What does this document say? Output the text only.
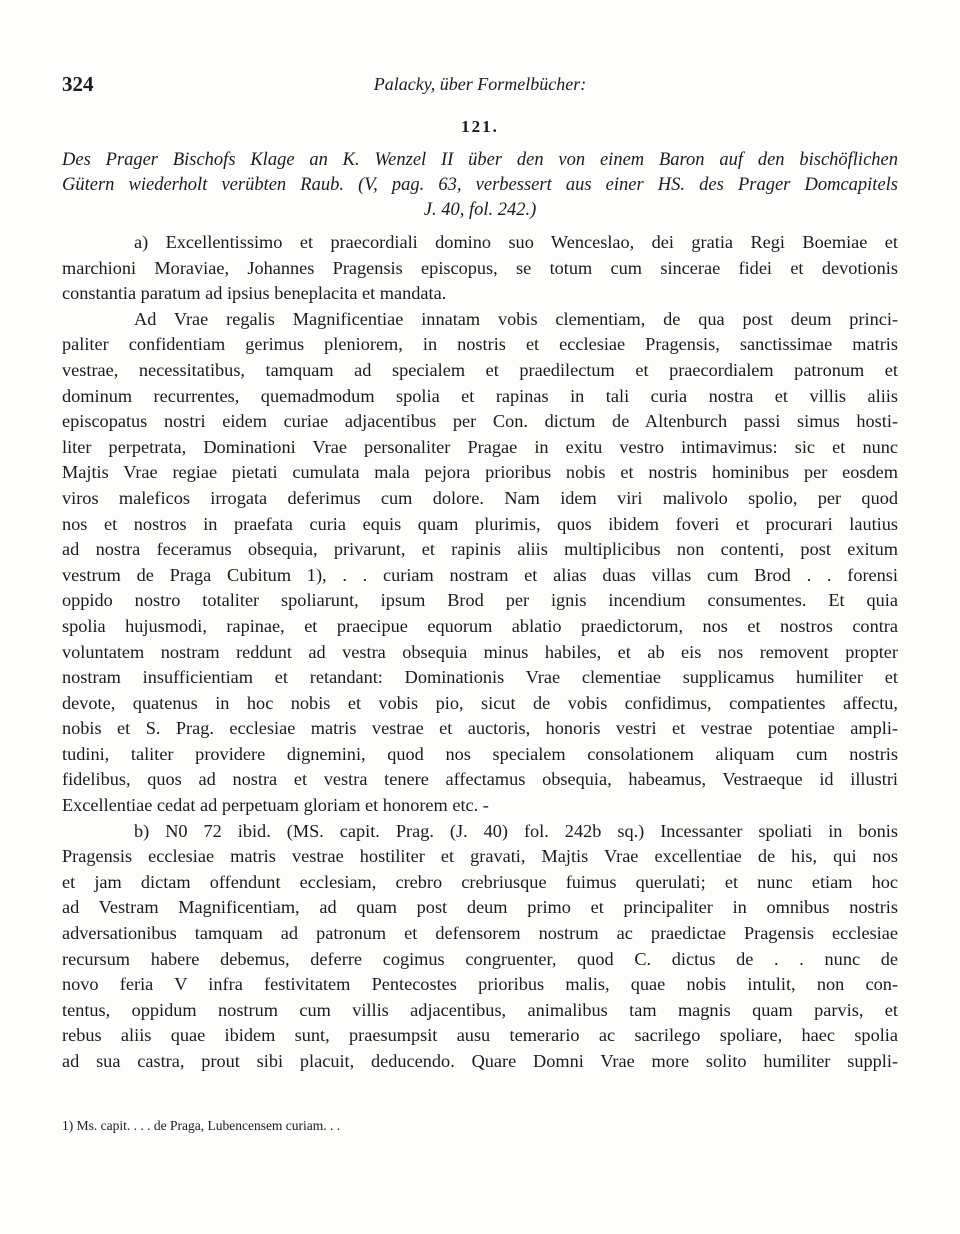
324	Palacky, über Formelbücher:
121.
Des Prager Bischofs Klage an K. Wenzel II über den von einem Baron auf den bischöflichen
Gütern wiederholt verübten Raub. (V, pag. 63, verbessert aus einer HS. des Prager Domcapitels
J. 40, fol. 242.)
a) Excellentissimo et praecordiali domino suo Wenceslao, dei gratia Regi Boemiae et
marchioni Moraviae, Johannes Pragensis episcopus, se totum cum sincerae fidei et devotionis
constantia paratum ad ipsius beneplacita et mandata.
Ad Vrae regalis Magnificentiae innatam vobis clementiam, de qua post deum princi-
paliter confidentiam gerimus pleniorem, in nostris et ecclesiae Pragensis, sanctissimae matris
vestrae, necessitatibus, tamquam ad specialem et praedilectum et praecordialem patronum et
dominum recurrentes, quemadmodum spolia et rapinas in tali curia nostra et villis aliis
episcopatus nostri eidem curiae adjacentibus per Con. dictum de Altenburch passi simus hosti-
liter perpetrata, Dominationi Vrae personaliter Pragae in exitu vestro intimavimus: sic et nunc
Majtis Vrae regiae pietati cumulata mala pejora prioribus nobis et nostris hominibus per eosdem
viros maleficos irrogata deferimus cum dolore. Nam idem viri malivolo spolio, per quod
nos et nostros in praefata curia equis quam plurimis, quos ibidem foveri et procurari lautius
ad nostra feceramus obsequia, privarunt, et rapinis aliis multiplicibus non contenti, post exitum
vestrum de Praga Cubitum 1), . . curiam nostram et alias duas villas cum Brod . . forensi
oppido nostro totaliter spoliarunt, ipsum Brod per ignis incendium consumentes. Et quia
spolia hujusmodi, rapinae, et praecipue equorum ablatio praedictorum, nos et nostros contra
voluntatem nostram reddunt ad vestra obsequia minus habiles, et ab eis nos removent propter
nostram insufficientiam et retandant: Dominationis Vrae clementiae supplicamus humiliter et
devote, quatenus in hoc nobis et vobis pio, sicut de vobis confidimus, compatientes affectu,
nobis et S. Prag. ecclesiae matris vestrae et auctoris, honoris vestri et vestrae potentiae ampli-
tudini, taliter providere dignemini, quod nos specialem consolationem aliquam cum nostris
fidelibus, quos ad nostra et vestra tenere affectamus obsequia, habeamus, Vestraeque id illustri
Excellentiae cedat ad perpetuam gloriam et honorem etc. -
b) N0 72 ibid. (MS. capit. Prag. (J. 40) fol. 242b sq.) Incessanter spoliati in bonis
Pragensis ecclesiae matris vestrae hostiliter et gravati, Majtis Vrae excellentiae de his, qui nos
et jam dictam offendunt ecclesiam, crebro crebriusque fuimus querulati; et nunc etiam hoc
ad Vestram Magnificentiam, ad quam post deum primo et principaliter in omnibus nostris
adversationibus tamquam ad patronum et defensorem nostrum ac praedictae Pragensis ecclesiae
recursum habere debemus, deferre cogimus congruenter, quod C. dictus de . . nunc de
novo feria V infra festivitatem Pentecostes prioribus malis, quae nobis intulit, non con-
tentus, oppidum nostrum cum villis adjacentibus, animalibus tam magnis quam parvis, et
rebus aliis quae ibidem sunt, praesumpsit ausu temerario ac sacrilego spoliare, haec spolia
ad sua castra, prout sibi placuit, deducendo. Quare Domni Vrae more solito humiliter suppli-
1) Ms. capit. . . . de Praga, Lubencensem curiam. . .
